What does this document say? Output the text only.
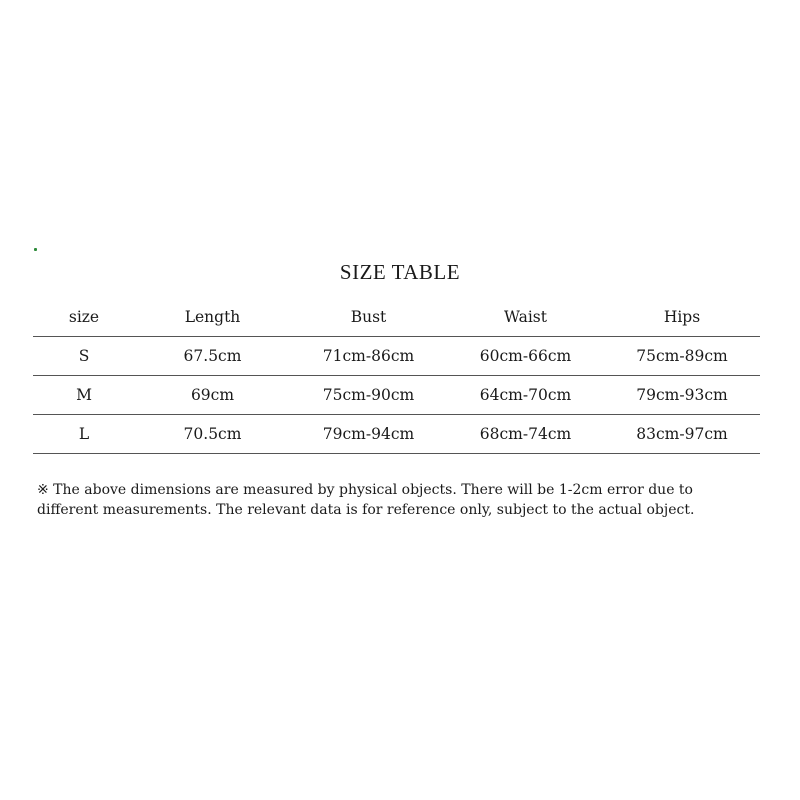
SIZE TABLE
size	Length	Bust	Waist	Hips
S	67.5cm	71cm-86cm	60cm-66cm	75cm-89cm
M	69cm	75cm-90cm	64cm-70cm	79cm-93cm
L	70.5cm	79cm-94cm	68cm-74cm	83cm-97cm
※ The above dimensions are measured by physical objects. There will be 1-2cm error due to different measurements. The relevant data is for reference only, subject to the actual object.
